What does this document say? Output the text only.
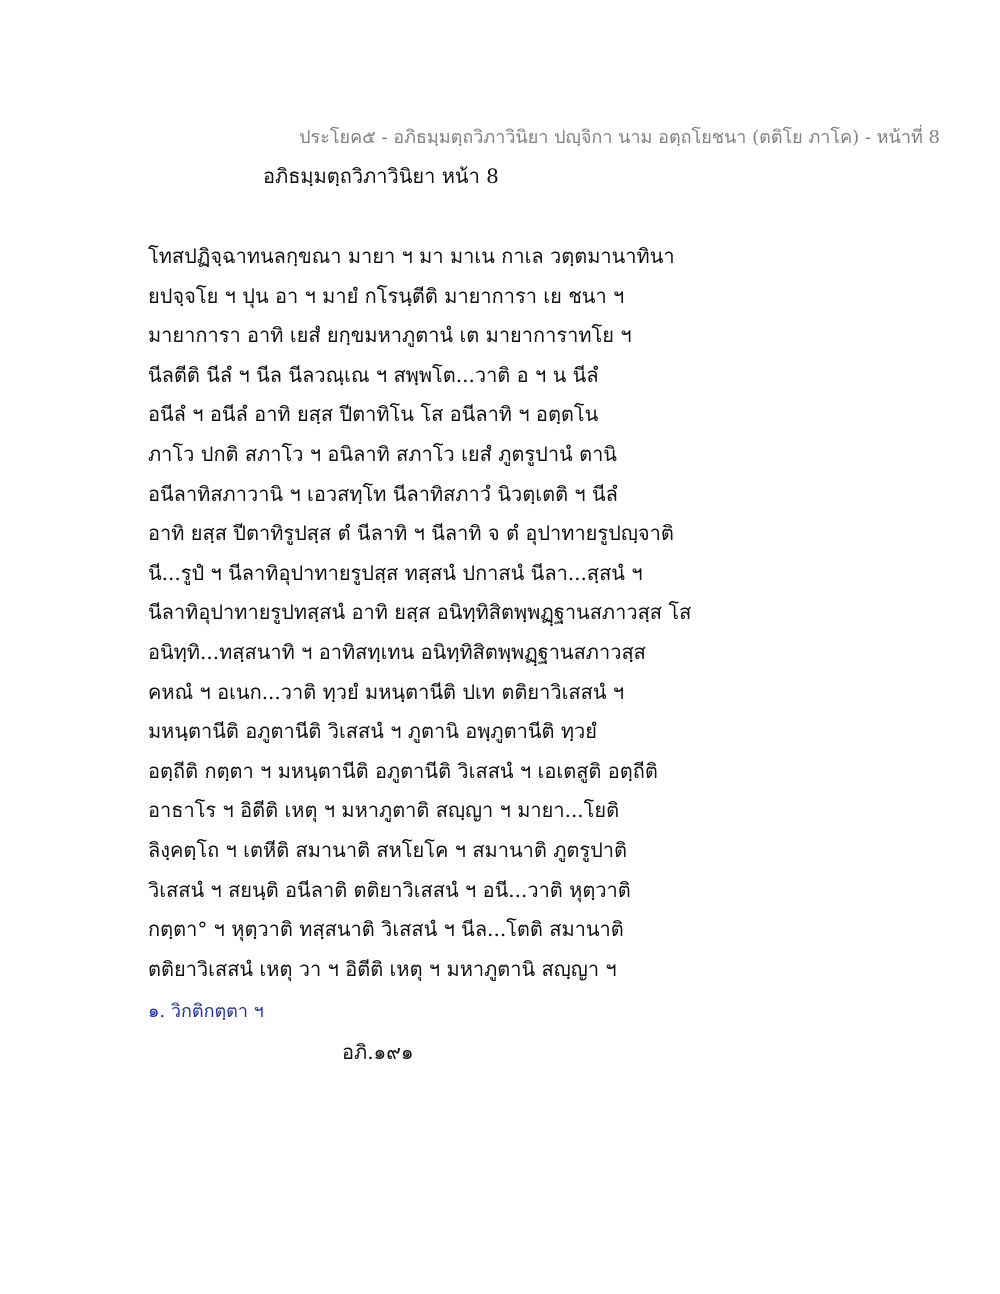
ประโยค๕ - อภิธมฺมตฺถวิภาวินิยา ปญฺจิกา นาม อตฺถโยชนา (ตติโย ภาโค) - หน้าที่ 8
อภิธมฺมตฺถวิภาวินิยา หน้า 8
โทสปฏิจฺฉาทนลกฺขณา มายา ฯ มา มาเน กาเล วตฺตมานาทินา
ยปจฺจโย ฯ ปุน อา ฯ มายํ กโรนฺตีติ มายาการา เย ชนา ฯ
มายาการา อาทิ เยสํ ยกฺขมหาภูตานํ เต มายาการาทโย ฯ
นีลตีติ นีลํ ฯ นีล นีลวณฺเณ ฯ สพฺพโต...วาติ อ ฯ น นีลํ
อนีลํ ฯ อนีลํ อาทิ ยสฺส ปีตาทิโน โส อนีลาทิ ฯ อตฺตโน
ภาโว ปกติ สภาโว ฯ อนิลาทิ สภาโว เยสํ ภูตรูปานํ ตานิ
อนีลาทิสภาวานิ ฯ เอวสทฺโท นีลาทิสภาวํ นิวตฺเตติ ฯ นีลํ
อาทิ ยสฺส ปีตาทิรูปสฺส ตํ นีลาทิ ฯ นีลาทิ จ ตํ อุปาทายรูปญฺจาติ
นี...รูปํ ฯ นีลาทิอุปาทายรูปสฺส ทสฺสนํ ปกาสนํ นีลา...สฺสนํ ฯ
นีลาทิอุปาทายรูปทสฺสนํ อาทิ ยสฺส อนิทฺทิสิตพฺพฏฺฐานสภาวสฺส โส
อนิทฺทิ...ทสฺสนาทิ ฯ อาทิสทฺเทน อนิทฺทิสิตพฺพฏฺฐานสภาวสฺส
คหณํ ฯ อเนก...วาติ ทฺวยํ มหนฺตานีติ ปเท ตติยาวิเสสนํ ฯ
มหนฺตานีติ อภูตานีติ วิเสสนํ ฯ ภูตานิ อพฺภูตานีติ ทฺวยํ
อตฺถีติ กตฺตา ฯ มหนฺตานีติ อภูตานีติ วิเสสนํ ฯ เอเตสูติ อตฺถีติ
อาธาโร ฯ อิตีติ เหตุ ฯ มหาภูตาติ สญฺญา ฯ มายา...โยติ
ลิงฺคตฺโถ ฯ เตหีติ สมานาติ สหโยโค ฯ สมานาติ ภูตรูปาติ
วิเสสนํ ฯ สยนฺติ อนีลาติ ตติยาวิเสสนํ ฯ อนี...วาติ หุตฺวาติ
กตฺตา° ฯ หุตฺวาติ ทสฺสนาติ วิเสสนํ ฯ นีล...โตติ สมานาติ
ตติยาวิเสสนํ เหตุ วา ฯ อิตีติ เหตุ ฯ มหาภูตานิ สญฺญา ฯ
๑. วิกติกตฺตา ฯ
อภิ.๑๙๑
